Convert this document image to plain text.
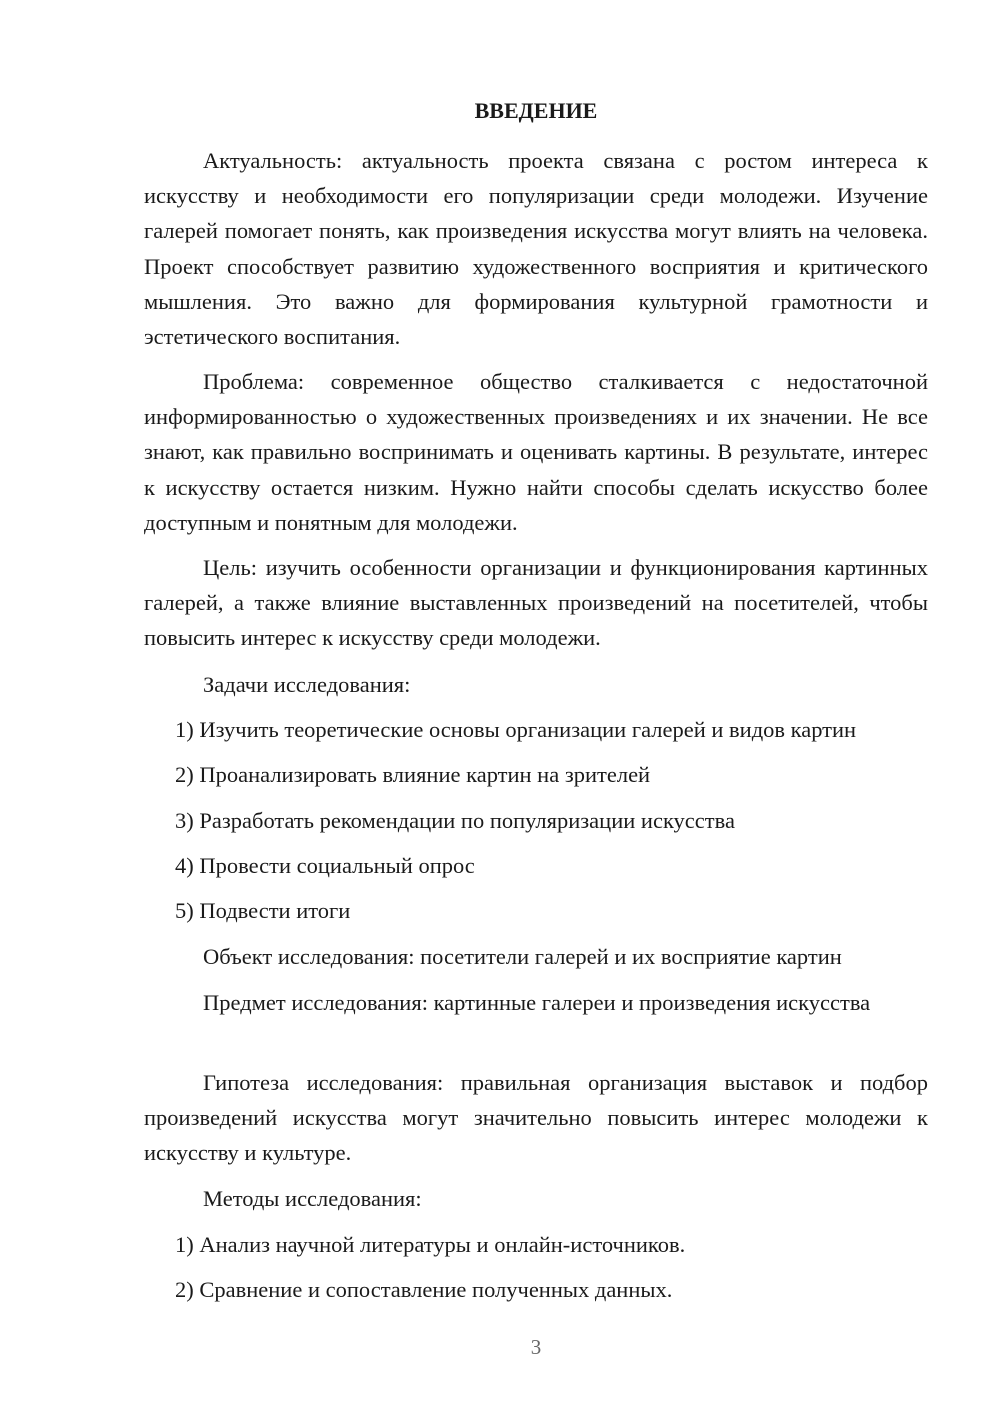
ВВЕДЕНИЕ

Актуальность: актуальность проекта связана с ростом интереса к искусству и необходимости его популяризации среди молодежи. Изучение галерей помогает понять, как произведения искусства могут влиять на человека. Проект способствует развитию художественного восприятия и критического мышления. Это важно для формирования культурной грамотности и эстетического воспитания.

Проблема: современное общество сталкивается с недостаточной информированностью о художественных произведениях и их значении. Не все знают, как правильно воспринимать и оценивать картины. В результате, интерес к искусству остается низким. Нужно найти способы сделать искусство более доступным и понятным для молодежи.

Цель: изучить особенности организации и функционирования картинных галерей, а также влияние выставленных произведений на посетителей, чтобы повысить интерес к искусству среди молодежи.

Задачи исследования:

1) Изучить теоретические основы организации галерей и видов картин

2) Проанализировать влияние картин на зрителей

3) Разработать рекомендации по популяризации искусства

4) Провести социальный опрос

5) Подвести итоги

Объект исследования: посетители галерей и их восприятие картин

Предмет исследования: картинные галереи и произведения искусства

Гипотеза исследования: правильная организация выставок и подбор произведений искусства могут значительно повысить интерес молодежи к искусству и культуре.

Методы исследования:

1) Анализ научной литературы и онлайн-источников.

2) Сравнение и сопоставление полученных данных.

3
